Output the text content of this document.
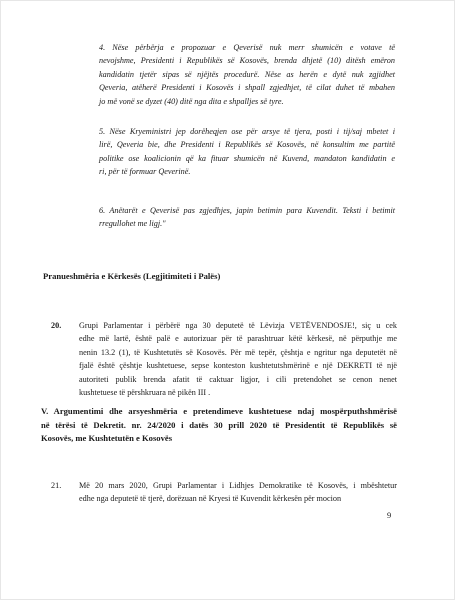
4. Nëse përbërja e propozuar e Qeverisë nuk merr shumicën e votave të
nevojshme, Presidenti i Republikës së Kosovës, brenda dhjetë (10) ditësh emëron
kandidatin tjetër sipas së njëjtës procedurë. Nëse as herën e dytë nuk zgjidhet
Qeveria, atëherë Presidenti i Kosovës i shpall zgjedhjet, të cilat duhet të mbahen
jo më vonë se dyzet (40) ditë nga dita e shpalljes së tyre.
5. Nëse Kryeministri jep dorëheqjen ose për arsye të tjera, posti i tij/saj mbetet i
lirë, Qeveria bie, dhe Presidenti i Republikës së Kosovës, në konsultim me partitë
politike ose koalicionin që ka fituar shumicën në Kuvend, mandaton kandidatin e
ri, për të formuar Qeverinë.
6. Anëtarët e Qeverisë pas zgjedhjes, japin betimin para Kuvendit. Teksti i betimit
rregullohet me ligj."
Pranueshmëria e Kërkesës (Legjitimiteti i Palës)
20. Grupi Parlamentar i përbërë nga 30 deputetë të Lëvizja VETËVENDOSJE!, siç u cek
edhe më lartë, është palë e autorizuar për të parashtruar këtë kërkesë, në përputhje me
nenin 13.2 (1), të Kushtetutës së Kosovës. Për më tepër, çështja e ngritur nga deputetët në
fjalë është çështje kushtetuese, sepse konteston kushtetutshmërinë e një DEKRETI të një
autoriteti publik brenda afatit të caktuar ligjor, i cili pretendohet se cenon nenet
kushtetuese të përshkruara në pikën III .
V. Argumentimi dhe arsyeshmëria e pretendimeve kushtetuese ndaj mospërputhshmërisë
në tërësi të Dekretit. nr. 24/2020 i datës 30 prill 2020 të Presidentit të Republikës së
Kosovës, me Kushtetutën e Kosovës
21. Më 20 mars 2020, Grupi Parlamentar i Lidhjes Demokratike të Kosovës, i mbështetur
edhe nga deputetë të tjerë, dorëzuan në Kryesi të Kuvendit kërkesën për mocion
9
